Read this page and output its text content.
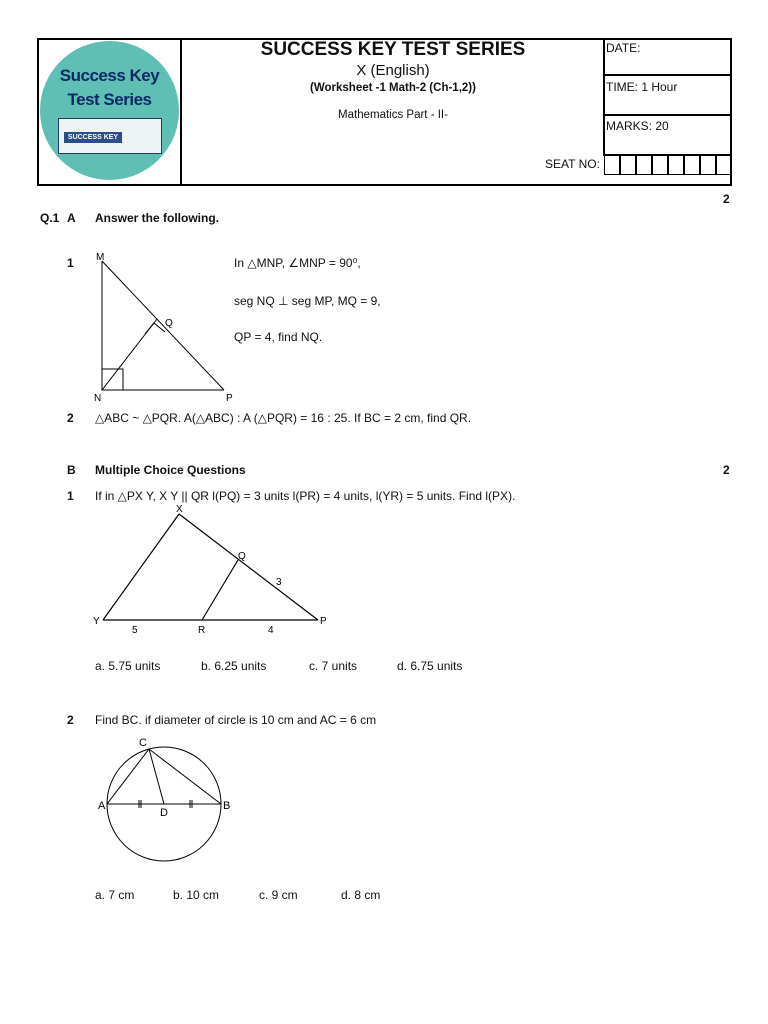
Success Key
Test Series
SUCCESS KEY
SUCCESS KEY TEST SERIES
X (English)
(Worksheet -1 Math-2 (Ch-1,2))
Mathematics Part - II-
DATE:
TIME: 1 Hour
MARKS: 20
SEAT NO:
2
Q.1 A Answer the following.
1	In △MNP, ∠MNP = 90⁰,
seg NQ ⊥ seg MP, MQ = 9,
QP = 4, find NQ.
M
Q
N	P
2 △ABC ~ △PQR. A(△ABC) : A (△PQR) = 16 : 25. If BC = 2 cm, find QR.
B Multiple Choice Questions	2
1 If in △PX Y, X Y || QR l(PQ) = 3 units l(PR) = 4 units, l(YR) = 5 units. Find l(PX).
X
Q
Y
R
P
5	4
3
a. 5.75 units	b. 6.25 units	c. 7 units	d. 6.75 units
2 Find BC. if diameter of circle is 10 cm and AC = 6 cm
C
A
D
B
a. 7 cm	b. 10 cm	c. 9 cm	d. 8 cm
